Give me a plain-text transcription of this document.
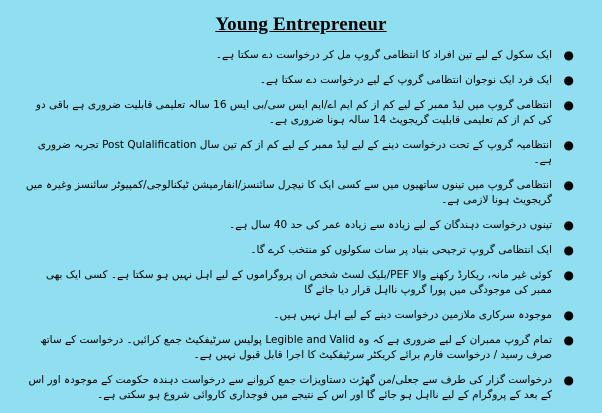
Young Entrepreneur
●
ایک سکول کے لیے تین افراد کا انتظامی گروپ مل کر درخواست دے سکتا ہے۔
●
ایک فرد ایک نوجوان انتظامی گروپ کے لیے درخواست دے سکتا ہے۔
●
انتظامی گروپ میں لیڈ ممبر کے لیے کم از کم ایم اے/ایم ایس سی/بی ایس 16 سالہ تعلیمی قابلیت ضروری ہے باقی دو کی کم از کم تعلیمی قابلیت گریجویٹ 14 سالہ ہونا ضروری ہے۔
●
انتظامیہ گروپ کے تحت درخواست دینے کے لیے لیڈ ممبر کے لیے کم از کم تین سال Post Qulalification تجربہ ضروری ہے۔
●
انتظامی گروپ میں تینوں ساتھیوں میں سے کسی ایک کا نیچرل سائنسز/انفارمیشن ٹیکنالوجی/کمپیوٹر سائنسز وغیرہ میں گریجویٹ ہونا لازمی ہے۔
●
تینوں درخواست دہندگان کے لیے زیادہ سے زیادہ عمر کی حد 40 سال ہے۔
●
ایک انتظامی گروپ ترجیحی بنیاد پر سات سکولوں کو منتخب کرے گا۔
●
کوئی غیر مانہ، ریکارڈ رکھنے والا PEF/بلیک لسٹ شخص ان پروگراموں کے لیے اہل نہیں ہو سکتا ہے۔ کسی ایک بھی ممبر کی موجودگی میں پورا گروپ نااہل قرار دیا جائے گا
●
موجودہ سرکاری ملازمین درخواست دینے کے لیے اہل نہیں ہیں۔
●
تمام گروپ ممبران کے لیے ضروری ہے کہ وہ Legible and Valid پولیس سرٹیفکیٹ جمع کرائیں۔ درخواست کے ساتھ صرف رسید / درخواست فارم برائے کریکٹر سرٹیفکیٹ کا اجرا قابل قبول نہیں ہے۔
●
درخواست گزار کی طرف سے جعلی/من گھڑت دستاویزات جمع کروانے سے درخواست دہندہ حکومت کے موجودہ اور اس کے بعد کے پروگرام کے لیے نااہل ہو جائے گا اور اس کے نتیجے میں فوجداری کاروائی شروع ہو سکتی ہے۔
